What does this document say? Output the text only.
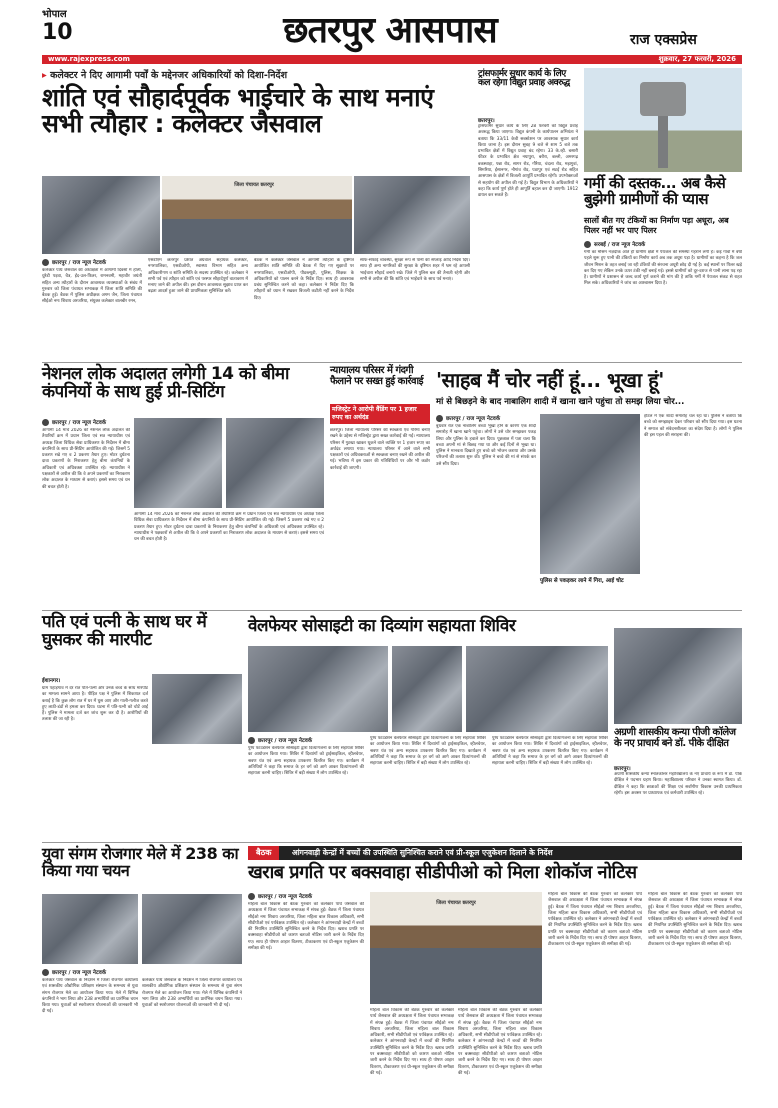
भोपाल
10	छतरपुर आसपास	राज एक्सप्रेस
www.rajexpress.com	शुक्रवार, 27 फरवरी, 2026
▸ कलेक्टर ने दिए आगामी पर्वों के मद्देनजर अधिकारियों को दिशा-निर्देश
शांति एवं सौहार्दपूर्वक भाईचारे के साथ मनाएं सभी त्यौहार : कलेक्टर जैसवाल
जिला पंचायत छतरपुर
छतरपुर / राज न्यूज नेटवर्क
कलेक्टर पार्थ जैसवाल की अध्यक्षता में आगामी दिवसों में होली, धुरेडी पड़वा, चैत्र, ईद-उल-फितर, रामनवमी, महावीर जयंती सहित अन्य त्यौहारों के दौरान आवश्यक व्यवस्थाओं के संबंध में गुरुवार को जिला पंचायत सभाकक्ष में जिला शांति समिति की बैठक हुई। बैठक में पुलिस अधीक्षक अगम जैन, जिला पंचायत सीईओ नमः शिवाय अरजरिया, संयुक्त कलेक्टर बालबीर रमन,
एसडीएम छतरपुर प्रशांत अग्रवाल सहायक कलेक्टर, नगरपालिका, एसडीओपी, स्वास्थ्य विभाग सहित अन्य अधिकारीगण व शांति समिति के सदस्य उपस्थित रहे। कलेक्टर ने सभी पर्व एवं त्यौहार को शांति एवं परस्पर सौहार्दपूर्ण वातावरण में मनाए जाने की अपील की। इस दौरान आवश्यक सुझाव प्राप्त कर बढ़ता आदर्श हुआ जाने की प्राथमिकता सुनिश्चित करें।
बैठक में कलेक्टर जैसवाल ने आगामी त्यौहारों के दृष्टिगत आयोजित शांति समिति की बैठक में दिए गए सुझावों पर नगरपालिका, एसडीओपी, पीडब्ल्यूडी, पुलिस, शिक्षक के अधिकारियों को पालन करने के निर्देश दिए। साथ ही आवश्यक प्रबंध सुनिश्चित करने को कहा। कलेक्टर ने निर्देश दिए कि त्यौहारों को ध्यान में रखकर बिजली कटौती नहीं करने के निर्देश दिए।
साफ-सफाई व्यवस्था, सुरक्षा रूप से पानी की सप्लाई आदि निर्देश दिए। साथ ही अन्य नागरिकों की सुरक्षा के दृष्टिगत शहर में भ्रम रहे आपसी भाईचारा सौहार्द बनाये रखे। जिले में पुलिस बल की तैनाती रहेगी और सभी से अपील की कि शांति एवं भाईचारे के साथ पर्व मनाएं।
ट्रांसफार्मर सुधार कार्य के लिए कल रहेगा विद्युत प्रवाह अवरुद्ध
छतरपुर।
ट्रांसफार्मर सुधार कार्य के लिए 28 फरवरी को विद्युत प्रवाह अवरुद्ध किया जाएगा। विद्युत कंपनी के कार्यपालन अभियंता ने बताया कि 33/11 केवी सबस्टेशन पर आवश्यक सुधार कार्य किया जाना है। इस दौरान सुबह 9 बजे से शाम 5 बजे तक प्रभावित क्षेत्रों में विद्युत प्रवाह बंद रहेगा। 33 के.व्ही. बसारी फीडर के प्रभावित क्षेत्र नयापुरा, बरौरा, बल्ली, अमरगढ़ बकस्वाहा, पन्ना रोड, सागर रोड, गौरैया, चंदला रोड, मझगुवां, सिमरिया, ईसानगर, नौगांव रोड, पठापुर एवं सटई रोड सहित आसपास के क्षेत्रों में बिजली आपूर्ति प्रभावित रहेगी। उपभोक्ताओं से सहयोग की अपील की गई है। विद्युत विभाग के अधिकारियों ने कहा कि कार्य पूर्ण होते ही आपूर्ति बहाल कर दी जाएगी। 1912 डायल कर सकते हैं।
गर्मी की दस्तक... अब कैसे बुझेगी ग्रामीणों की प्यास
सालों बीत गए टंकियों का निर्माण पड़ा अधूरा, अब पिलर नहीं भर पाए पिलर
सरबई / राज न्यूज नेटवर्क
गर्मी का मौसम नज़दीक आते ही ग्रामीण क्षेत्रों में पेयजल की समस्या गहराने लगी है। कई गांवों में वर्षों पहले शुरू हुए पानी की टंकियों का निर्माण कार्य अब तक अधूरा पड़ा है। ग्रामीणों का कहना है कि जल जीवन मिशन के तहत बनाई जा रही टंकियों की संरचना अधूरी छोड़ दी गई है। कई स्थानों पर पिलर खड़े कर दिए गए लेकिन उनके ऊपर टंकी नहीं बनाई गई। इससे ग्रामीणों को दूर-दराज से पानी लाना पड़ रहा है। ग्रामीणों ने प्रशासन से जल्द कार्य पूर्ण कराने की मांग की है ताकि गर्मी में पेयजल संकट से राहत मिल सके। अधिकारियों ने जांच का आश्वासन दिया है।
नेशनल लोक अदालत लगेगी 14 को बीमा कंपनियों के साथ हुई प्री-सिटिंग
छतरपुर / राज न्यूज नेटवर्क
आगामी 14 मार्च 2026 को नेशनल लोक अदालत की तैयारियों क्रम में प्रधान जिला एवं सत्र न्यायाधीश एवं अध्यक्ष जिला विधिक सेवा प्राधिकरण के निर्देशन में बीमा कंपनियों के साथ प्री-सिटिंग आयोजित की गई। जिसमें 5 प्रकरण रखे गए व 2 प्रकरण तैयार हुए। मोटर दुर्घटना दावा प्रकरणों के निराकरण हेतु बीमा कंपनियों के अधिकारी एवं अधिवक्ता उपस्थित रहे। न्यायाधीश ने पक्षकारों से अपील की कि वे अपने प्रकरणों का निराकरण लोक अदालत के माध्यम से कराएं। इससे समय एवं धन की बचत होती है।
आगामी 14 मार्च 2026 को नेशनल लोक अदालत की तैयारियों क्रम में प्रधान जिला एवं सत्र न्यायाधीश एवं अध्यक्ष जिला विधिक सेवा प्राधिकरण के निर्देशन में बीमा कंपनियों के साथ प्री-सिटिंग आयोजित की गई। जिसमें 5 प्रकरण रखे गए व 2 प्रकरण तैयार हुए। मोटर दुर्घटना दावा प्रकरणों के निराकरण हेतु बीमा कंपनियों के अधिकारी एवं अधिवक्ता उपस्थित रहे। न्यायाधीश ने पक्षकारों से अपील की कि वे अपने प्रकरणों का निराकरण लोक अदालत के माध्यम से कराएं। इससे समय एवं धन की बचत होती है।
न्यायालय परिसर में गंदगी फैलाने पर सख्त हुई कार्रवाई
मजिस्ट्रेट ने आरोपी वैंडिंग पर 1 हजार रुपए का अर्थदंड
छतरपुर। जिला न्यायालय परिसर की स्वच्छता एवं गरिमा बनाए रखने के उद्देश्य से मजिस्ट्रेट द्वारा सख्त कार्रवाई की गई। न्यायालय परिसर में गुटखा खाकर थूकने वाले व्यक्ति पर 1 हजार रुपए का अर्थदंड लगाया गया। न्यायालय परिसर में आने वाले सभी पक्षकारों एवं अधिवक्ताओं से स्वच्छता बनाए रखने की अपील की गई। भविष्य में इस प्रकार की गतिविधियों पर और भी कठोर कार्रवाई की जाएगी।
'साहब मैं चोर नहीं हूं... भूखा हूं'
मां से बिछड़ने के बाद नाबालिग शादी में खाना खाने पहुंचा तो समझ लिया चोर...
छतरपुर / राज न्यूज नेटवर्क
बुधवार रात एक नाबालिग बच्चा भूखा होने के कारण एक शादी समारोह में खाना खाने पहुंचा। लोगों ने उसे चोर समझकर पकड़ लिया और पुलिस के हवाले कर दिया। पूछताछ में पता चला कि बच्चा अपनी मां से बिछड़ गया था और कई दिनों से भूखा था। पुलिस ने मानवता दिखाते हुए बच्चे को भोजन कराया और उसके परिजनों की तलाश शुरू की। पुलिस ने बच्चे की मां से संपर्क कर उसे सौंप दिया।
पुलिस से पकड़कर लाने में गिरा, आई चोट
होटल में एक शादी समारोह चल रहा था। पुलिस ने बताया कि बच्चे को समझाइश देकर परिवार को सौंप दिया गया। इस घटना ने समाज को संवेदनशीलता का संदेश दिया है। लोगों ने पुलिस की इस पहल की सराहना की।
पति एवं पत्नी के साथ घर में घुसकर की मारपीट
ईशानगर।
ग्राम पहाड़गांव में देर रात पति-पत्नी और उनके बच्चे के साथ मारपीट का मामला सामने आया है। पीड़ित पक्ष ने पुलिस में शिकायत दर्ज कराई है कि कुछ लोग रात में घर में घुस आए और गाली-गलौज करते हुए लाठी-डंडों से हमला कर दिया। घटना में पति-पत्नी को चोटें आई हैं। पुलिस ने मामला दर्ज कर जांच शुरू कर दी है। आरोपियों की तलाश की जा रही है।
वेलफेयर सोसाइटी का दिव्यांग सहायता शिविर
छतरपुर / राज न्यूज नेटवर्क
पुष्प फाउंडेशन वेलफेयर सोसाइटी द्वारा दिव्यांगजनों के लिए सहायता शिविर का आयोजन किया गया। शिविर में दिव्यांगों को ट्राईसाइकिल, व्हीलचेयर, श्रवण यंत्र एवं अन्य सहायक उपकरण वितरित किए गए। कार्यक्रम में अतिथियों ने कहा कि समाज के हर वर्ग को आगे आकर दिव्यांगजनों की सहायता करनी चाहिए। शिविर में बड़ी संख्या में लोग उपस्थित रहे।
पुष्प फाउंडेशन वेलफेयर सोसाइटी द्वारा दिव्यांगजनों के लिए सहायता शिविर का आयोजन किया गया। शिविर में दिव्यांगों को ट्राईसाइकिल, व्हीलचेयर, श्रवण यंत्र एवं अन्य सहायक उपकरण वितरित किए गए। कार्यक्रम में अतिथियों ने कहा कि समाज के हर वर्ग को आगे आकर दिव्यांगजनों की सहायता करनी चाहिए। शिविर में बड़ी संख्या में लोग उपस्थित रहे।
पुष्प फाउंडेशन वेलफेयर सोसाइटी द्वारा दिव्यांगजनों के लिए सहायता शिविर का आयोजन किया गया। शिविर में दिव्यांगों को ट्राईसाइकिल, व्हीलचेयर, श्रवण यंत्र एवं अन्य सहायक उपकरण वितरित किए गए। कार्यक्रम में अतिथियों ने कहा कि समाज के हर वर्ग को आगे आकर दिव्यांगजनों की सहायता करनी चाहिए। शिविर में बड़ी संख्या में लोग उपस्थित रहे।
अग्रणी शासकीय कन्या पीजी कॉलेज के नए प्राचार्य बने डॉ. पीके दीक्षित
छतरपुर।
अग्रणी शासकीय कन्या स्नातकोत्तर महाविद्यालय के नए प्राचार्य के रूप में डॉ. पीके दीक्षित ने पदभार ग्रहण किया। महाविद्यालय परिवार ने उनका स्वागत किया। डॉ. दीक्षित ने कहा कि छात्राओं की शिक्षा एवं सर्वांगीण विकास उनकी प्राथमिकता रहेगी। इस अवसर पर प्राध्यापक एवं कर्मचारी उपस्थित रहे।
युवा संगम रोजगार मेले में 238 का किया गया चयन
छतरपुर / राज न्यूज नेटवर्क
कलेक्टर पार्थ जैसवाल के निर्देशन में जिला रोजगार कार्यालय एवं शासकीय औद्योगिक प्रशिक्षण संस्थान के समन्वय से युवा संगम रोजगार मेले का आयोजन किया गया। मेले में विभिन्न कंपनियों ने भाग लिया और 238 अभ्यर्थियों का प्रारंभिक चयन किया गया। युवाओं को स्वरोजगार योजनाओं की जानकारी भी दी गई।
कलेक्टर पार्थ जैसवाल के निर्देशन में जिला रोजगार कार्यालय एवं शासकीय औद्योगिक प्रशिक्षण संस्थान के समन्वय से युवा संगम रोजगार मेले का आयोजन किया गया। मेले में विभिन्न कंपनियों ने भाग लिया और 238 अभ्यर्थियों का प्रारंभिक चयन किया गया। युवाओं को स्वरोजगार योजनाओं की जानकारी भी दी गई।
बैठक	आंगनवाड़ी केन्द्रों में बच्चों की उपस्थिति सुनिश्चित कराने एवं प्री-स्कूल एजुकेशन दिलाने के निर्देश
खराब प्रगति पर बक्सवाहा सीडीपीओ को मिला शोकॉज नोटिस
छतरपुर / राज न्यूज नेटवर्क
महिला बाल विकास की बैठक गुरुवार को कलेक्टर पार्थ जैसवाल की अध्यक्षता में जिला पंचायत सभाकक्ष में संपन्न हुई। बैठक में जिला पंचायत सीईओ नमः शिवाय अरजरिया, जिला महिला बाल विकास अधिकारी, सभी सीडीपीओ एवं पर्यवेक्षक उपस्थित रहे। कलेक्टर ने आंगनवाड़ी केन्द्रों में बच्चों की नियमित उपस्थिति सुनिश्चित करने के निर्देश दिए। खराब प्रगति पर बक्सवाहा सीडीपीओ को कारण बताओ नोटिस जारी करने के निर्देश दिए गए। साथ ही पोषण आहार वितरण, टीकाकरण एवं प्री-स्कूल एजुकेशन की समीक्षा की गई।
जिला पंचायत छतरपुर
महिला बाल विकास की बैठक गुरुवार को कलेक्टर पार्थ जैसवाल की अध्यक्षता में जिला पंचायत सभाकक्ष में संपन्न हुई। बैठक में जिला पंचायत सीईओ नमः शिवाय अरजरिया, जिला महिला बाल विकास अधिकारी, सभी सीडीपीओ एवं पर्यवेक्षक उपस्थित रहे। कलेक्टर ने आंगनवाड़ी केन्द्रों में बच्चों की नियमित उपस्थिति सुनिश्चित करने के निर्देश दिए। खराब प्रगति पर बक्सवाहा सीडीपीओ को कारण बताओ नोटिस जारी करने के निर्देश दिए गए। साथ ही पोषण आहार वितरण, टीकाकरण एवं प्री-स्कूल एजुकेशन की समीक्षा की गई।
महिला बाल विकास की बैठक गुरुवार को कलेक्टर पार्थ जैसवाल की अध्यक्षता में जिला पंचायत सभाकक्ष में संपन्न हुई। बैठक में जिला पंचायत सीईओ नमः शिवाय अरजरिया, जिला महिला बाल विकास अधिकारी, सभी सीडीपीओ एवं पर्यवेक्षक उपस्थित रहे। कलेक्टर ने आंगनवाड़ी केन्द्रों में बच्चों की नियमित उपस्थिति सुनिश्चित करने के निर्देश दिए। खराब प्रगति पर बक्सवाहा सीडीपीओ को कारण बताओ नोटिस जारी करने के निर्देश दिए गए। साथ ही पोषण आहार वितरण, टीकाकरण एवं प्री-स्कूल एजुकेशन की समीक्षा की गई।
महिला बाल विकास की बैठक गुरुवार को कलेक्टर पार्थ जैसवाल की अध्यक्षता में जिला पंचायत सभाकक्ष में संपन्न हुई। बैठक में जिला पंचायत सीईओ नमः शिवाय अरजरिया, जिला महिला बाल विकास अधिकारी, सभी सीडीपीओ एवं पर्यवेक्षक उपस्थित रहे। कलेक्टर ने आंगनवाड़ी केन्द्रों में बच्चों की नियमित उपस्थिति सुनिश्चित करने के निर्देश दिए। खराब प्रगति पर बक्सवाहा सीडीपीओ को कारण बताओ नोटिस जारी करने के निर्देश दिए गए। साथ ही पोषण आहार वितरण, टीकाकरण एवं प्री-स्कूल एजुकेशन की समीक्षा की गई।
महिला बाल विकास की बैठक गुरुवार को कलेक्टर पार्थ जैसवाल की अध्यक्षता में जिला पंचायत सभाकक्ष में संपन्न हुई। बैठक में जिला पंचायत सीईओ नमः शिवाय अरजरिया, जिला महिला बाल विकास अधिकारी, सभी सीडीपीओ एवं पर्यवेक्षक उपस्थित रहे। कलेक्टर ने आंगनवाड़ी केन्द्रों में बच्चों की नियमित उपस्थिति सुनिश्चित करने के निर्देश दिए। खराब प्रगति पर बक्सवाहा सीडीपीओ को कारण बताओ नोटिस जारी करने के निर्देश दिए गए। साथ ही पोषण आहार वितरण, टीकाकरण एवं प्री-स्कूल एजुकेशन की समीक्षा की गई।
